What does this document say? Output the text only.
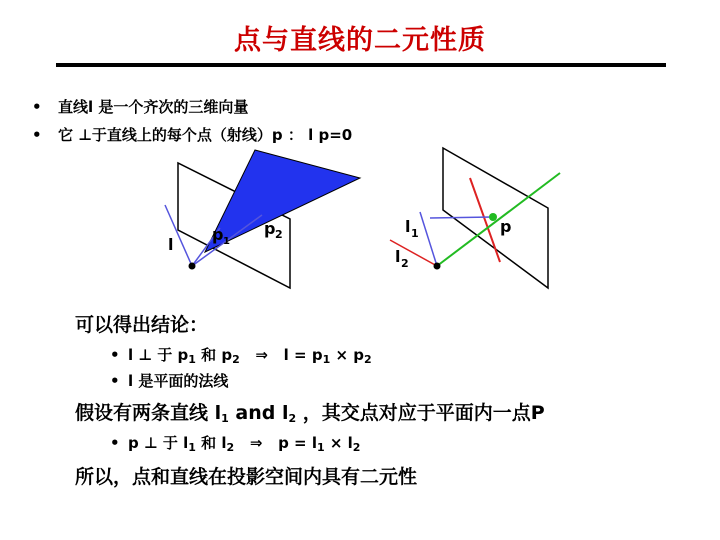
点与直线的二元性质
• 直线l 是一个齐次的三维向量
• 它 ⊥于直线上的每个点（射线）p ： l p=0
l
p 1
p 2	l 1
l 2
p
可以得出结论：
• l ⊥ 于 $p_1$ 和 $p_2$   ⇒   $l = p_1 \times p_2$
• l 是平面的法线
假设有两条直线 $l_1$ and $l_2$ ，其交点对应于平面内一点P
• p ⊥ 于 $l_1$ 和 $l_2$   ⇒   $p = l_1 \times l_2$
所以，点和直线在投影空间内具有二元性
